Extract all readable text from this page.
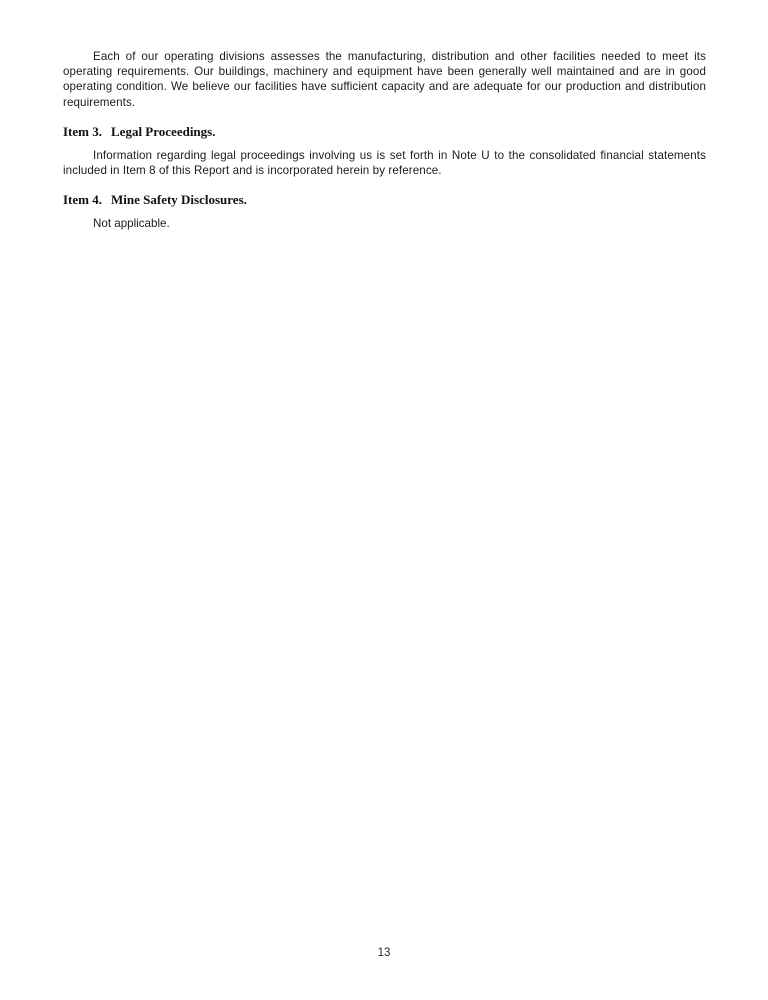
Each of our operating divisions assesses the manufacturing, distribution and other facilities needed to meet its operating requirements. Our buildings, machinery and equipment have been generally well maintained and are in good operating condition. We believe our facilities have sufficient capacity and are adequate for our production and distribution requirements.

Item 3. Legal Proceedings.

Information regarding legal proceedings involving us is set forth in Note U to the consolidated financial statements included in Item 8 of this Report and is incorporated herein by reference.

Item 4. Mine Safety Disclosures.

Not applicable.

13
